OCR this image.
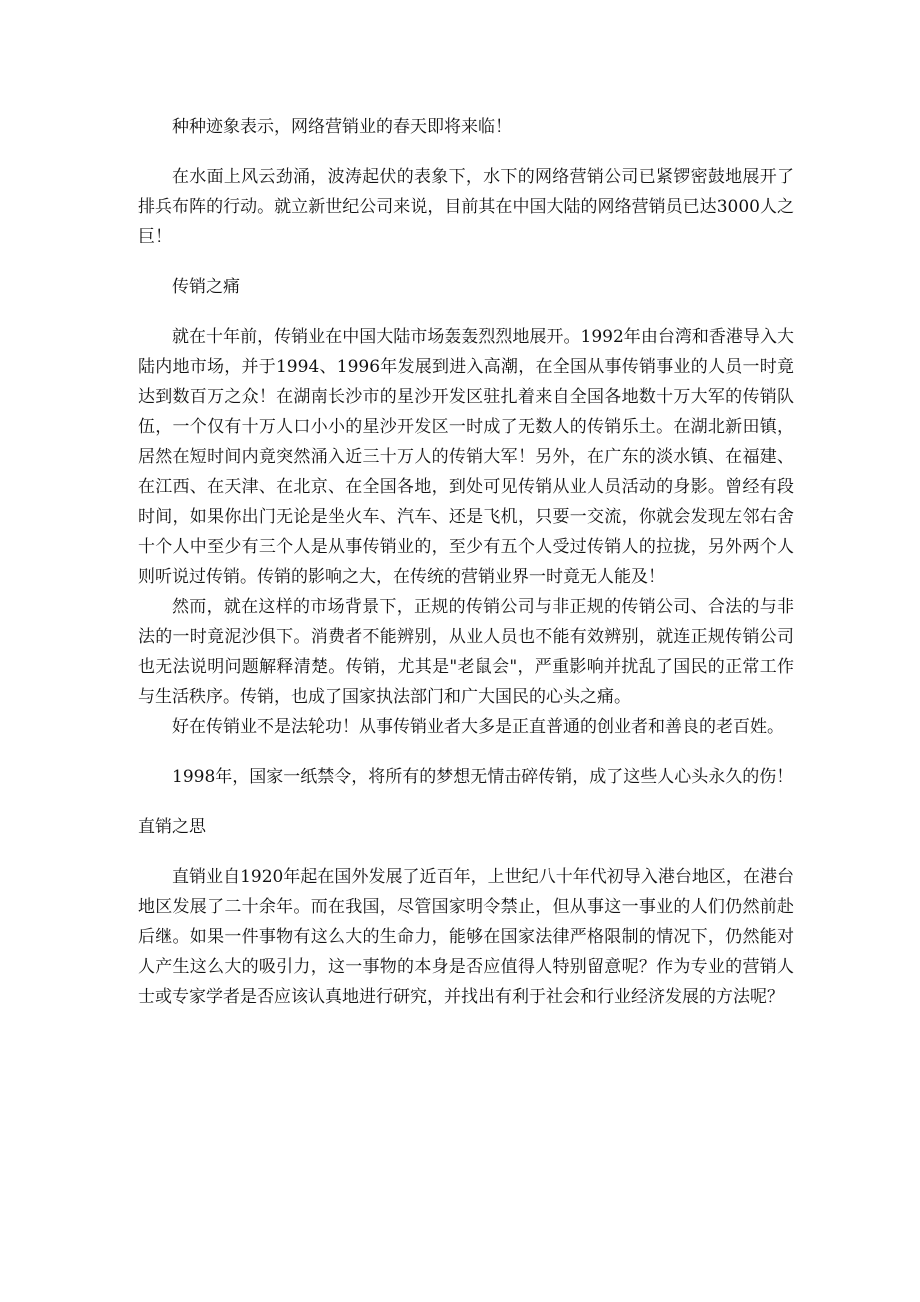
种种迹象表示，网络营销业的春天即将来临！

在水面上风云劲涌，波涛起伏的表象下，水下的网络营销公司已紧锣密鼓地展开了排兵布阵的行动。就立新世纪公司来说，目前其在中国大陆的网络营销员已达3000人之巨！

传销之痛

就在十年前，传销业在中国大陆市场轰轰烈烈地展开。1992年由台湾和香港导入大陆内地市场，并于1994、1996年发展到进入高潮，在全国从事传销事业的人员一时竟达到数百万之众！在湖南长沙市的星沙开发区驻扎着来自全国各地数十万大军的传销队伍，一个仅有十万人口小小的星沙开发区一时成了无数人的传销乐土。在湖北新田镇，居然在短时间内竟突然涌入近三十万人的传销大军！另外，在广东的淡水镇、在福建、在江西、在天津、在北京、在全国各地，到处可见传销从业人员活动的身影。曾经有段时间，如果你出门无论是坐火车、汽车、还是飞机，只要一交流，你就会发现左邻右舍十个人中至少有三个人是从事传销业的，至少有五个人受过传销人的拉拢，另外两个人则听说过传销。传销的影响之大，在传统的营销业界一时竟无人能及！

然而，就在这样的市场背景下，正规的传销公司与非正规的传销公司、合法的与非法的一时竟泥沙俱下。消费者不能辨别，从业人员也不能有效辨别，就连正规传销公司也无法说明问题解释清楚。传销，尤其是"老鼠会"，严重影响并扰乱了国民的正常工作与生活秩序。传销，也成了国家执法部门和广大国民的心头之痛。

好在传销业不是法轮功！从事传销业者大多是正直普通的创业者和善良的老百姓。

1998年，国家一纸禁令，将所有的梦想无情击碎传销，成了这些人心头永久的伤！

直销之思

直销业自1920年起在国外发展了近百年，上世纪八十年代初导入港台地区，在港台地区发展了二十余年。而在我国，尽管国家明令禁止，但从事这一事业的人们仍然前赴后继。如果一件事物有这么大的生命力，能够在国家法律严格限制的情况下，仍然能对人产生这么大的吸引力，这一事物的本身是否应值得人特别留意呢？作为专业的营销人士或专家学者是否应该认真地进行研究，并找出有利于社会和行业经济发展的方法呢？
